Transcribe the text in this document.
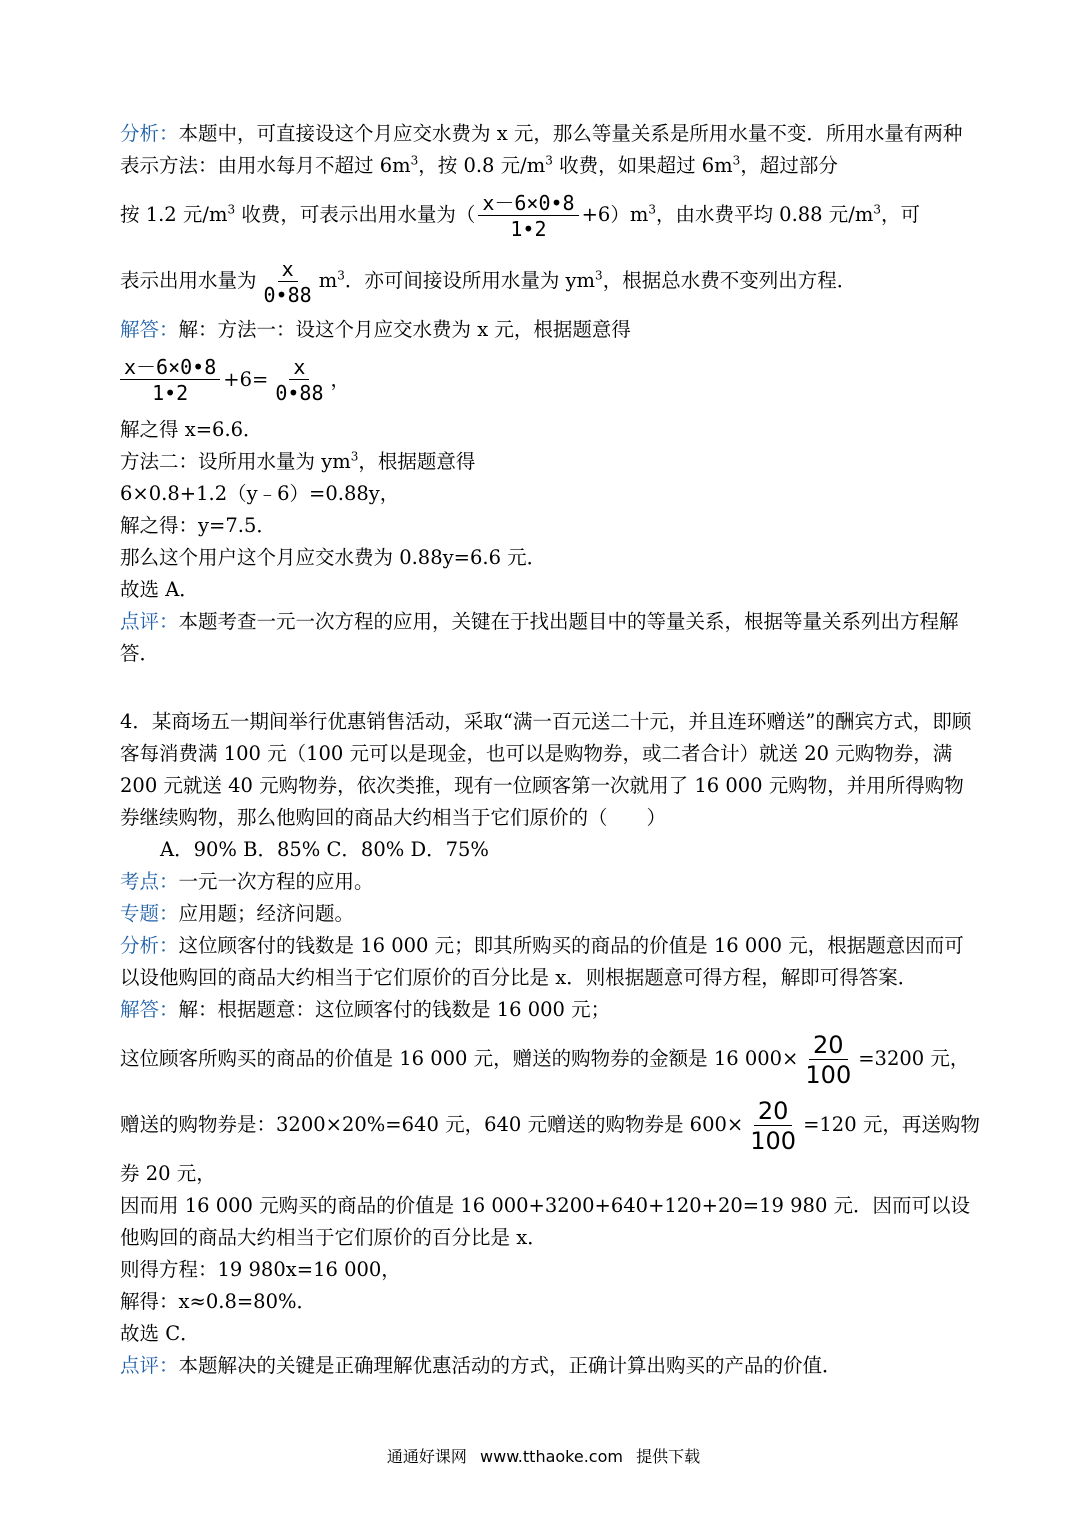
分析：本题中，可直接设这个月应交水费为 x 元，那么等量关系是所用水量不变．所用水量有两种表示方法：由用水每月不超过 $6m^3$，按 0.8 元$/m^3$ 收费，如果超过 $6m^3$，超过部分

按 1.2 元$/m^3$ 收费，可表示出用水量为（ $\frac{x-6\times 0•8}{1•2} +6)m^3$，由水费平均 0.88 元$/m^3$，可

表示出用水量为 $\frac{x}{0•88} m^3$．亦可间接设所用水量为 $ym^3$，根据总水费不变列出方程．

解答：解：方法一：设这个月应交水费为 x 元，根据题意得

$\frac{x-6\times 0•8}{1•2} +6= \frac{x}{0•88}$ ，

解之得 x=6.6．

方法二：设所用水量为 $ym^3$，根据题意得

6×0.8+1.2（y﹣6）=0.88y，

解之得：y=7.5．

那么这个用户这个月应交水费为 0.88y=6.6 元．

故选 A．

点评：本题考查一元一次方程的应用，关键在于找出题目中的等量关系，根据等量关系列出方程解答．

4．某商场五一期间举行优惠销售活动，采取“满一百元送二十元，并且连环赠送”的酬宾方式，即顾客每消费满 100 元（100 元可以是现金，也可以是购物券，或二者合计）就送 20 元购物券，满 200 元就送 40 元购物券，依次类推，现有一位顾客第一次就用了 16 000 元购物，并用所得购物券继续购物，那么他购回的商品大约相当于它们原价的（　　）

A．90% B．85% C．80% D．75%

考点：一元一次方程的应用。

专题：应用题；经济问题。

分析：这位顾客付的钱数是 16 000 元；即其所购买的商品的价值是 16 000 元，根据题意因而可以设他购回的商品大约相当于它们原价的百分比是 x．则根据题意可得方程，解即可得答案．

解答：解：根据题意：这位顾客付的钱数是 16 000 元；

这位顾客所购买的商品的价值是 16 000 元，赠送的购物券的金额是 16 $000\times \frac{20}{100} =3200$ 元，

赠送的购物券是：3200×20%=640 元，640 元赠送的购物券是 $600\times \frac{20}{100} =120$ 元，再送购物

券 20 元，

因而用 16 000 元购买的商品的价值是 16 000+3200+640+120+20=19 980 元．因而可以设他购回的商品大约相当于它们原价的百分比是 x．

则得方程：19 980x=16 000，

解得：x≈0.8=80%．

故选 C．

点评：本题解决的关键是正确理解优惠活动的方式，正确计算出购买的产品的价值．

通通好课网 www.tthaoke.com 提供下载
